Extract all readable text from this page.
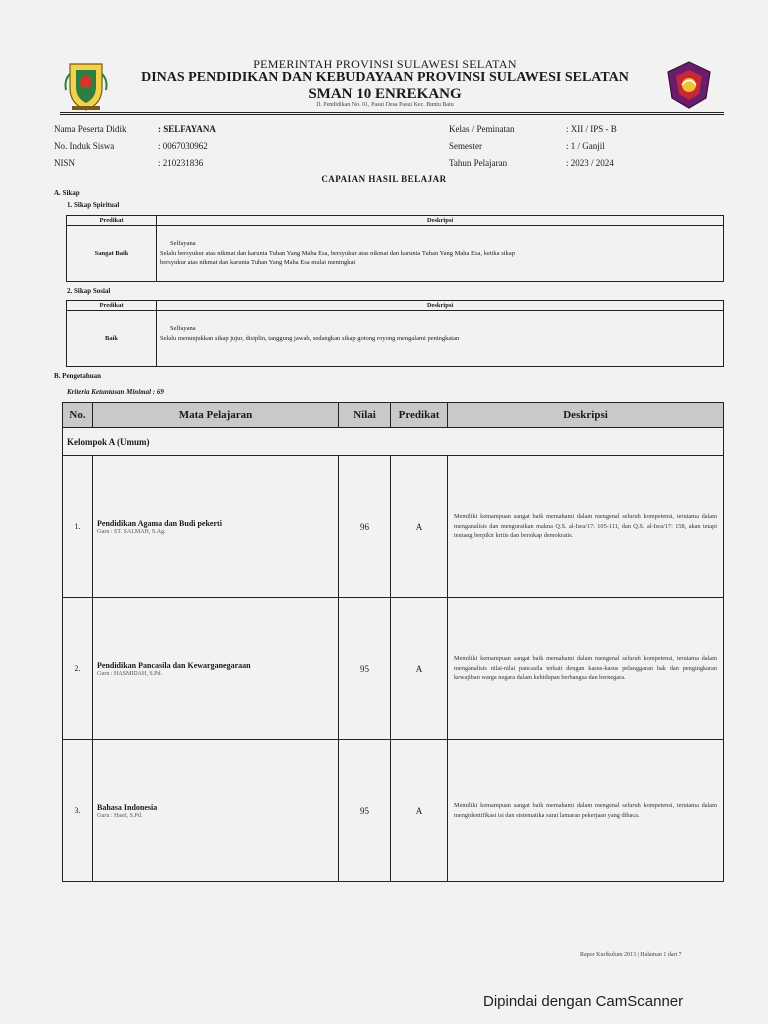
PEMERINTAH PROVINSI SULAWESI SELATAN
DINAS PENDIDIKAN DAN KEBUDAYAAN PROVINSI SULAWESI SELATAN
SMAN 10 ENREKANG
Jl. Pendidikan No. 01, Pasui Desa Pasui Kec. Buntu Batu
Nama Peserta Didik	: SELFAYANA
No. Induk Siswa	: 0067030962
NISN	: 210231836
Kelas / Peminatan	: XII / IPS - B
Semester	: 1 / Ganjil
Tahun Pelajaran	: 2023 / 2024
CAPAIAN HASIL BELAJAR
A. Sikap
1. Sikap Spiritual
Predikat	Deskripsi
Sangat Baik	Selfayana
Selalu bersyukur atas nikmat dan karunia Tuhan Yang Maha Esa, bersyukur atas nikmat dan karunia Tuhan Yang Maha Esa, ketika sikap
bersyukur atas nikmat dan karunia Tuhan Yang Maha Esa mulai meningkat
2. Sikap Sosial
Predikat	Deskripsi
Baik	Selfayana
Selalu menunjukkan sikap jujur, disiplin, tanggung jawab, sedangkan sikap gotong royong mengalami peningkatan

B. Pengetahuan
Kriteria Ketuntasan Minimal : 69
No.	Mata Pelajaran	Nilai	Predikat	Deskripsi
Kelompok A (Umum)				
1.	Pendidikan Agama dan Budi pekerti
Guru : ST. SALMAH, S.Ag.	96	A	Memiliki kemampuan sangat baik memahami dalam mengenal seluruh kompetensi, terutama dalam menganalisis dan menguraikan makna Q.S. al-Isra/17: 105-111, dan Q.S. al-Isra/17: 158, akan tetapi tentang berpikir kritis dan bersikap demokratis.
2.	Pendidikan Pancasila dan Kewarganegaraan
Guru : HASMIDAH, S.Pd.	95	A	Memiliki kemampuan sangat baik memahami dalam mengenal seluruh kompetensi, terutama dalam menganalisis nilai-nilai pancasila terkait dengan kasus-kasus pelanggaran hak dan pengingkaran kewajiban warga negara dalam kehidupan berbangsa dan bernegara.
3.	Bahasa Indonesia
Guru : Hasti, S.Pd.	95	A	Memiliki kemampuan sangat baik memahami dalam mengenal seluruh kompetensi, terutama dalam mengidentifikasi isi dan sistematika surat lamaran pekerjaan yang dibaca.
Rapor Kurikulum 2013 | Halaman 1 dari 7
Dipindai dengan CamScanner
